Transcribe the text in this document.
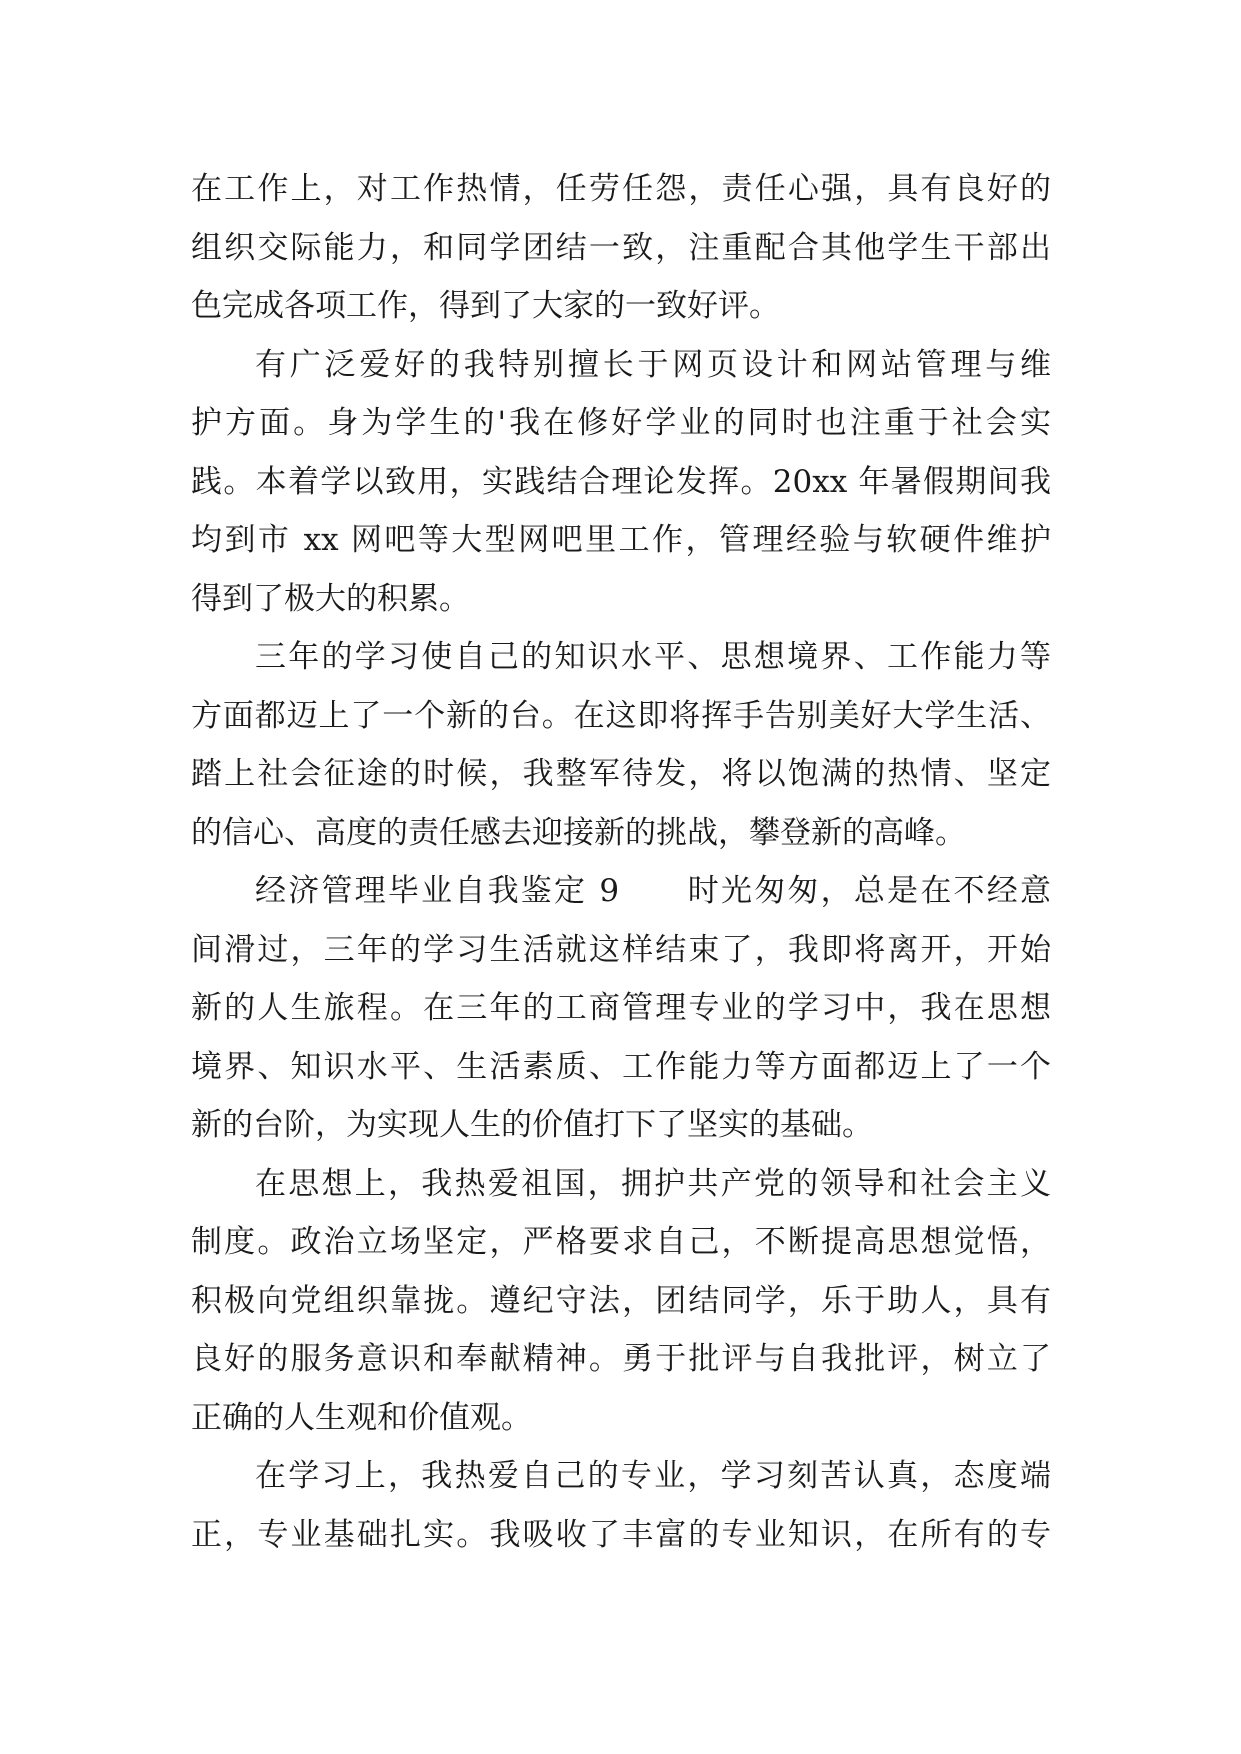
在工作上，对工作热情，任劳任怨，责任心强，具有良好的
组织交际能力，和同学团结一致，注重配合其他学生干部出
色完成各项工作，得到了大家的一致好评。
有广泛爱好的我特别擅长于网页设计和网站管理与维
护方面。身为学生的'我在修好学业的同时也注重于社会实
践。本着学以致用，实践结合理论发挥。20xx 年暑假期间我
均到市 xx 网吧等大型网吧里工作，管理经验与软硬件维护
得到了极大的积累。
三年的学习使自己的知识水平、思想境界、工作能力等
方面都迈上了一个新的台。在这即将挥手告别美好大学生活、
踏上社会征途的时候，我整军待发，将以饱满的热情、坚定
的信心、高度的责任感去迎接新的挑战，攀登新的高峰。
经济管理毕业自我鉴定 9　　时光匆匆，总是在不经意
间滑过，三年的学习生活就这样结束了，我即将离开，开始
新的人生旅程。在三年的工商管理专业的学习中，我在思想
境界、知识水平、生活素质、工作能力等方面都迈上了一个
新的台阶，为实现人生的价值打下了坚实的基础。
在思想上，我热爱祖国，拥护共产党的领导和社会主义
制度。政治立场坚定，严格要求自己，不断提高思想觉悟，
积极向党组织靠拢。遵纪守法，团结同学，乐于助人，具有
良好的服务意识和奉献精神。勇于批评与自我批评，树立了
正确的人生观和价值观。
在学习上，我热爱自己的专业，学习刻苦认真，态度端
正，专业基础扎实。我吸收了丰富的专业知识，在所有的专
